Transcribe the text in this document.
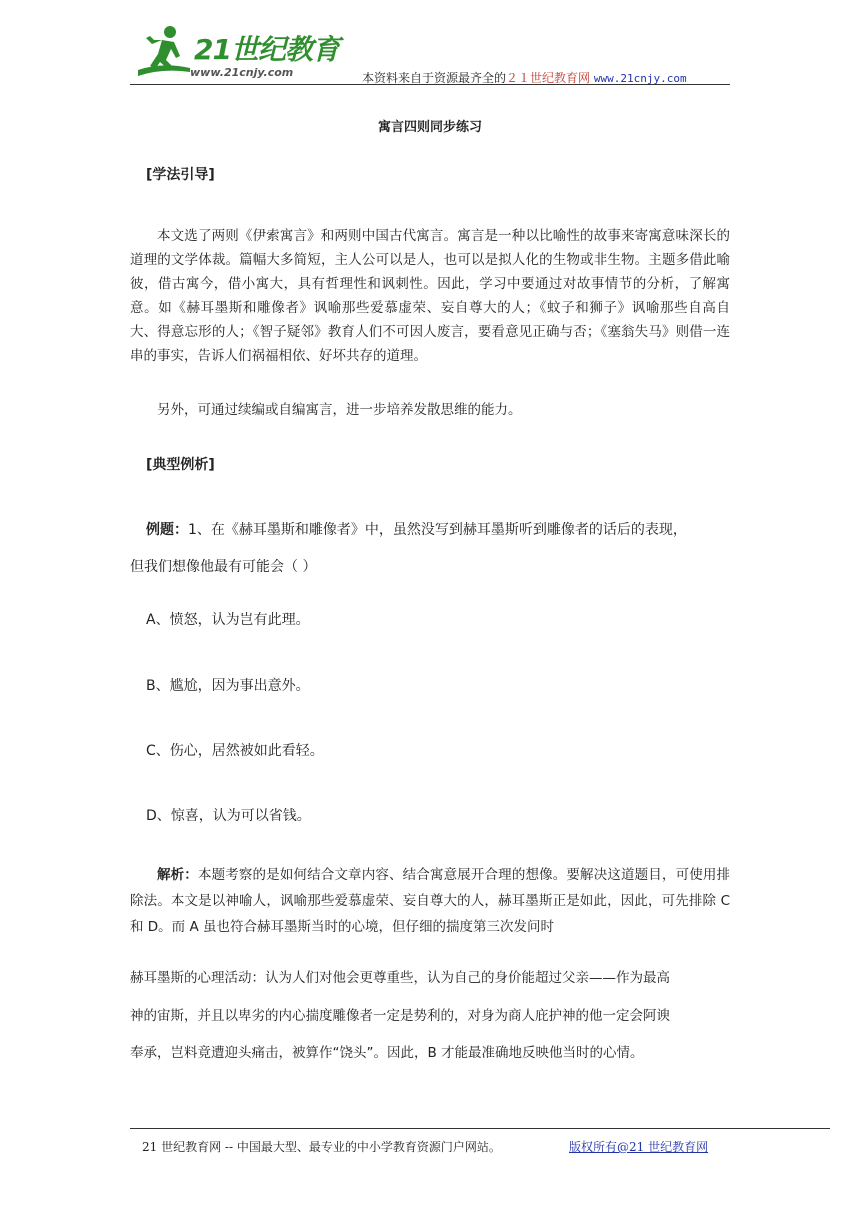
21世纪教育
www.21cnjy.com	本资料来自于资源最齐全的２１世纪教育网 www.21cnjy.com
寓言四则同步练习
[学法引导]

本文选了两则《伊索寓言》和两则中国古代寓言。寓言是一种以比喻性的故事来寄寓意味深长的道理的文学体裁。篇幅大多简短，主人公可以是人，也可以是拟人化的生物或非生物。主题多借此喻彼，借古寓今，借小寓大，具有哲理性和讽刺性。因此，学习中要通过对故事情节的分析，了解寓意。如《赫耳墨斯和雕像者》讽喻那些爱慕虚荣、妄自尊大的人；《蚊子和狮子》讽喻那些自高自大、得意忘形的人；《智子疑邻》教育人们不可因人废言，要看意见正确与否；《塞翁失马》则借一连串的事实，告诉人们祸福相依、好坏共存的道理。

另外，可通过续编或自编寓言，进一步培养发散思维的能力。

[典型例析]
例题：1、在《赫耳墨斯和雕像者》中，虽然没写到赫耳墨斯听到雕像者的话后的表现，
但我们想像他最有可能会（ ）
A、愤怒，认为岂有此理。
B、尴尬，因为事出意外。
C、伤心，居然被如此看轻。
D、惊喜，认为可以省钱。

解析：本题考察的是如何结合文章内容、结合寓意展开合理的想像。要解决这道题目，可使用排除法。本文是以神喻人，讽喻那些爱慕虚荣、妄自尊大的人，赫耳墨斯正是如此，因此，可先排除 C 和 D。而 A 虽也符合赫耳墨斯当时的心境，但仔细的揣度第三次发问时

赫耳墨斯的心理活动：认为人们对他会更尊重些，认为自己的身价能超过父亲——作为最高
神的宙斯，并且以卑劣的内心揣度雕像者一定是势利的，对身为商人庇护神的他一定会阿谀
奉承，岂料竟遭迎头痛击，被算作“饶头”。因此，B 才能最准确地反映他当时的心情。
21 世纪教育网 -- 中国最大型、最专业的中小学教育资源门户网站。	版权所有@21 世纪教育网
